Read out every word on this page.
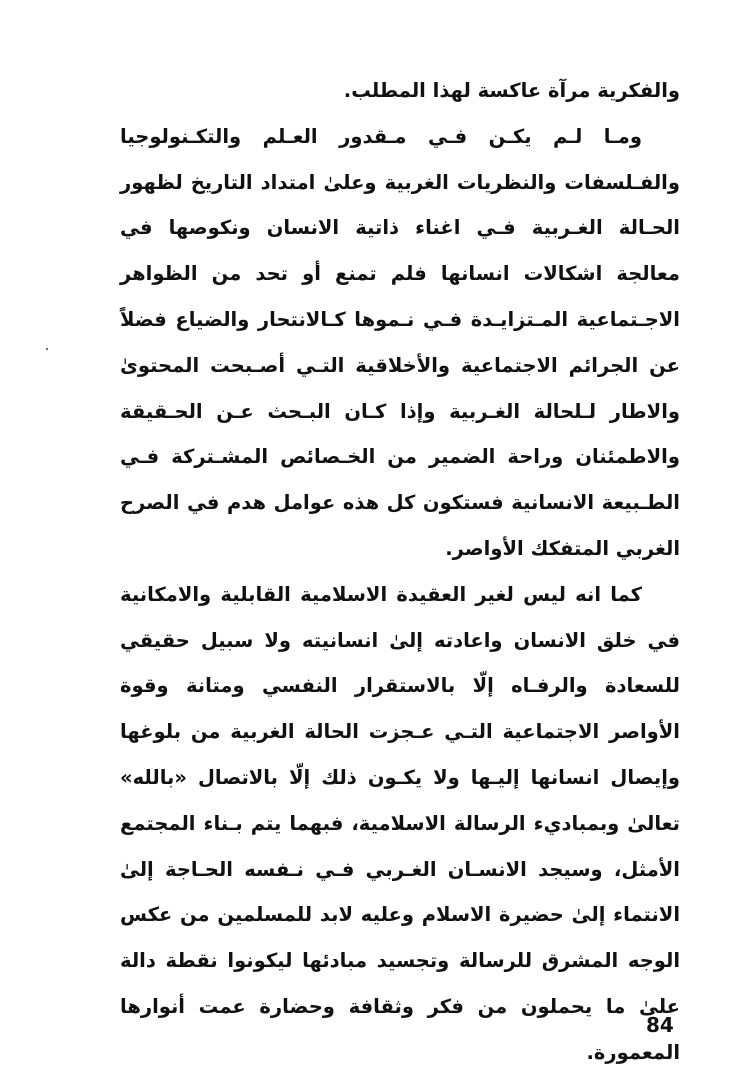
والفكرية مرآة عاكسة لهذا المطلب.

ومـا لـم يكـن فـي مـقدور العـلم والتكـنولوجيا والفـلسفات والنظريات الغربية وعلىٰ امتداد التاريخ لظهور الحـالة الغـربية فـي اغناء ذاتية الانسان ونكوصها في معالجة اشكالات انسانها فلم تمنع أو تحد من الظواهر الاجـتماعية المـتزايـدة فـي نـموها كـالانتحار والضياع فضلاً عن الجرائم الاجتماعية والأخلاقية التـي أصـبحت المحتوىٰ والاطار لـلحالة الغـربية وإذا كـان البـحث عـن الحـقيقة والاطمئنان وراحة الضمير من الخـصائص المشـتركة فـي الطـبيعة الانسانية فستكون كل هذه عوامل هدم في الصرح الغربي المتفكك الأواصر.

كما انه ليس لغير العقيدة الاسلامية القابلية والامكانية في خلق الانسان واعادته إلىٰ انسانيته ولا سبيل حقيقي للسعادة والرفـاه إلّا بالاستقرار النفسي ومتانة وقوة الأواصر الاجتماعية التـي عـجزت الحالة الغربية من بلوغها وإيصال انسانها إليـها ولا يكـون ذلك إلّا بالاتصال «بالله» تعالىٰ وبمباديء الرسالة الاسلامية، فبهما يتم بـناء المجتمع الأمثل، وسيجد الانسـان الغـربي فـي نـفسه الحـاجة إلىٰ الانتماء إلىٰ حضيرة الاسلام وعليه لابد للمسلمين من عكس الوجه المشرق للرسالة وتجسيد مبادئها ليكونوا نقطة دالة علىٰ ما يحملون من فكر وثقافة وحضارة عمت أنوارها المعمورة.

84
